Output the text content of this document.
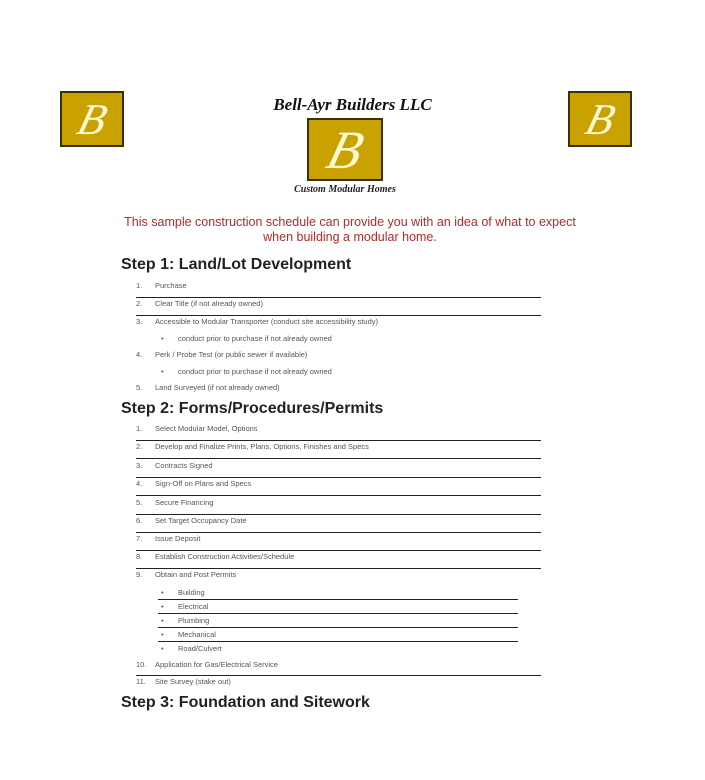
B	B
B
Bell-Ayr Builders LLC
Custom Modular Homes
This sample construction schedule can provide you with an idea of what to expect when building a modular home.
Step 1: Land/Lot Development
1. Purchase
2. Clear Title (if not already owned)
3. Accessible to Modular Transporter (conduct site accessibility study)
• conduct prior to purchase if not already owned
4. Perk / Probe Test (or public sewer if available)
• conduct prior to purchase if not already owned
5. Land Surveyed (if not already owned)
Step 2: Forms/Procedures/Permits
1. Select Modular Model, Options
2. Develop and Finalize Prints, Plans, Options, Finishes and Specs
3. Contracts Signed
4. Sign-Off on Plans and Specs
5. Secure Financing
6. Set Target Occupancy Date
7. Issue Deposit
8. Establish Construction Activities/Schedule
9. Obtain and Post Permits
• Building
• Electrical
• Plumbing
• Mechanical
• Road/Culvert
10. Application for Gas/Electrical Service
11. Site Survey (stake out)
Step 3: Foundation and Sitework
